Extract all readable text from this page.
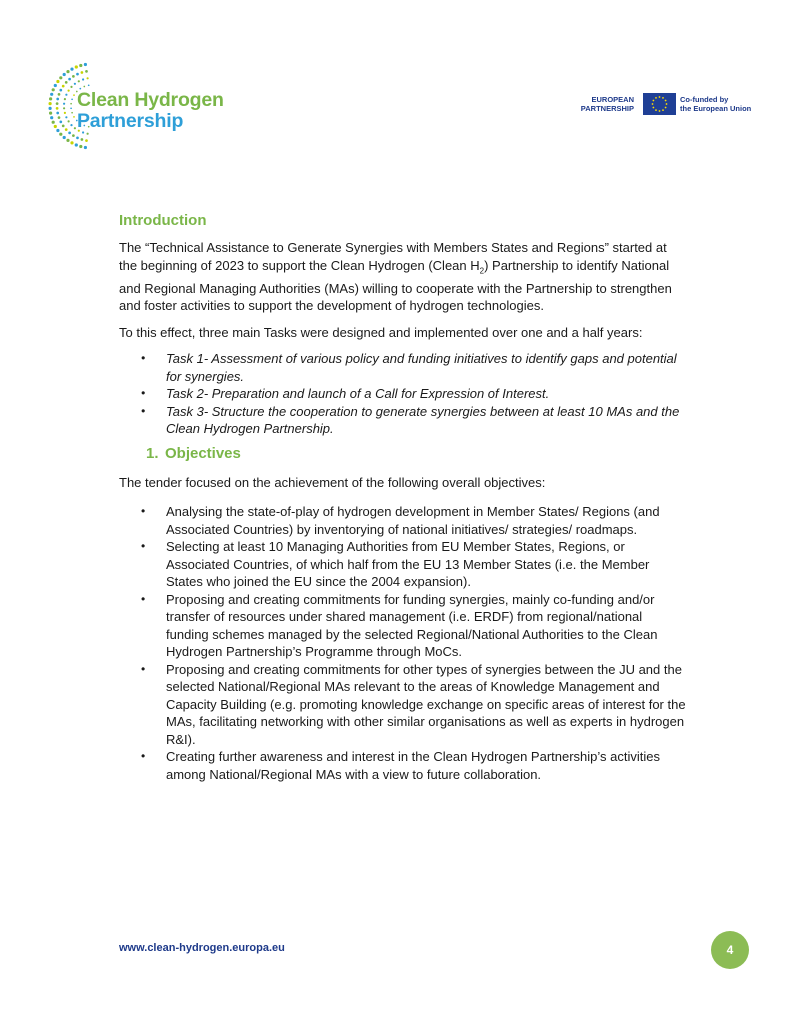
Clean Hydrogen
Partnership
EUROPEAN
PARTNERSHIP
Co-funded by
the European Union
Introduction

The “Technical Assistance to Generate Synergies with Members States and Regions” started at the beginning of 2023 to support the Clean Hydrogen (Clean $H_2$) Partnership to identify National and Regional Managing Authorities (MAs) willing to cooperate with the Partnership to strengthen and foster activities to support the development of hydrogen technologies.

To this effect, three main Tasks were designed and implemented over one and a half years:

• Task 1- Assessment of various policy and funding initiatives to identify gaps and potential for synergies.
• Task 2- Preparation and launch of a Call for Expression of Interest.
• Task 3- Structure the cooperation to generate synergies between at least 10 MAs and the Clean Hydrogen Partnership.
1. Objectives

The tender focused on the achievement of the following overall objectives:

• Analysing the state-of-play of hydrogen development in Member States/ Regions (and Associated Countries) by inventorying of national initiatives/ strategies/ roadmaps.
• Selecting at least 10 Managing Authorities from EU Member States, Regions, or Associated Countries, of which half from the EU 13 Member States (i.e. the Member States who joined the EU since the 2004 expansion).
• Proposing and creating commitments for funding synergies, mainly co-funding and/or transfer of resources under shared management (i.e. ERDF) from regional/national funding schemes managed by the selected Regional/National Authorities to the Clean Hydrogen Partnership’s Programme through MoCs.
• Proposing and creating commitments for other types of synergies between the JU and the selected National/Regional MAs relevant to the areas of Knowledge Management and Capacity Building (e.g. promoting knowledge exchange on specific areas of interest for the MAs, facilitating networking with other similar organisations as well as experts in hydrogen R&I).
• Creating further awareness and interest in the Clean Hydrogen Partnership’s activities among National/Regional MAs with a view to future collaboration.
www.clean-hydrogen.europa.eu	4
